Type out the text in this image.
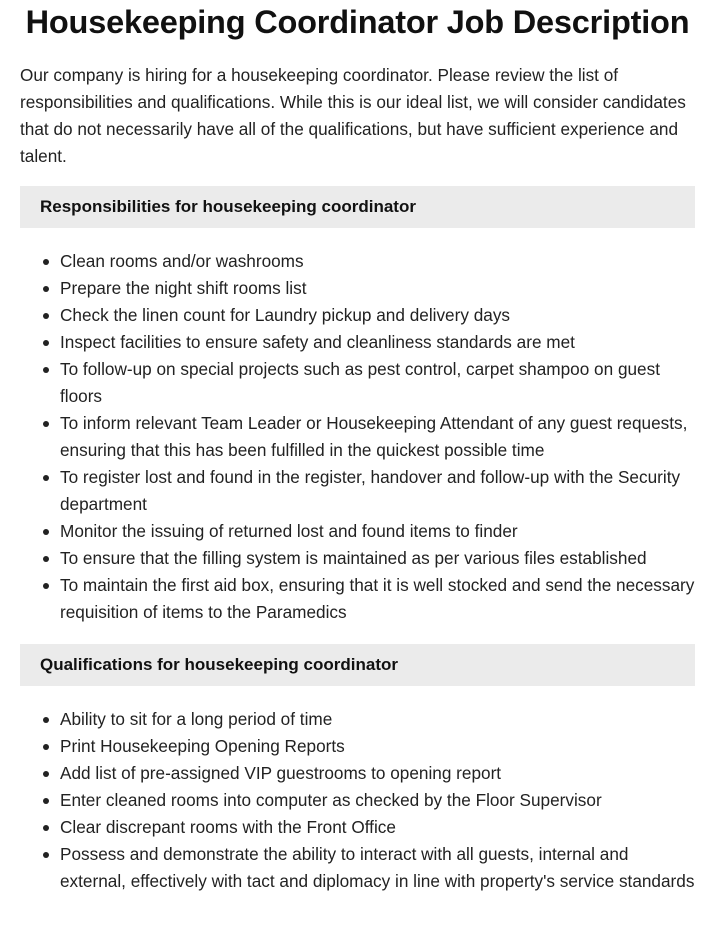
Housekeeping Coordinator Job Description

Our company is hiring for a housekeeping coordinator. Please review the list of responsibilities and qualifications. While this is our ideal list, we will consider candidates that do not necessarily have all of the qualifications, but have sufficient experience and talent.

Responsibilities for housekeeping coordinator
Clean rooms and/or washrooms
Prepare the night shift rooms list
Check the linen count for Laundry pickup and delivery days
Inspect facilities to ensure safety and cleanliness standards are met
To follow-up on special projects such as pest control, carpet shampoo on guest floors
To inform relevant Team Leader or Housekeeping Attendant of any guest requests, ensuring that this has been fulfilled in the quickest possible time
To register lost and found in the register, handover and follow-up with the Security department
Monitor the issuing of returned lost and found items to finder
To ensure that the filling system is maintained as per various files established
To maintain the first aid box, ensuring that it is well stocked and send the necessary requisition of items to the Paramedics
Qualifications for housekeeping coordinator
Ability to sit for a long period of time
Print Housekeeping Opening Reports
Add list of pre-assigned VIP guestrooms to opening report
Enter cleaned rooms into computer as checked by the Floor Supervisor
Clear discrepant rooms with the Front Office
Possess and demonstrate the ability to interact with all guests, internal and external, effectively with tact and diplomacy in line with property's service standards
